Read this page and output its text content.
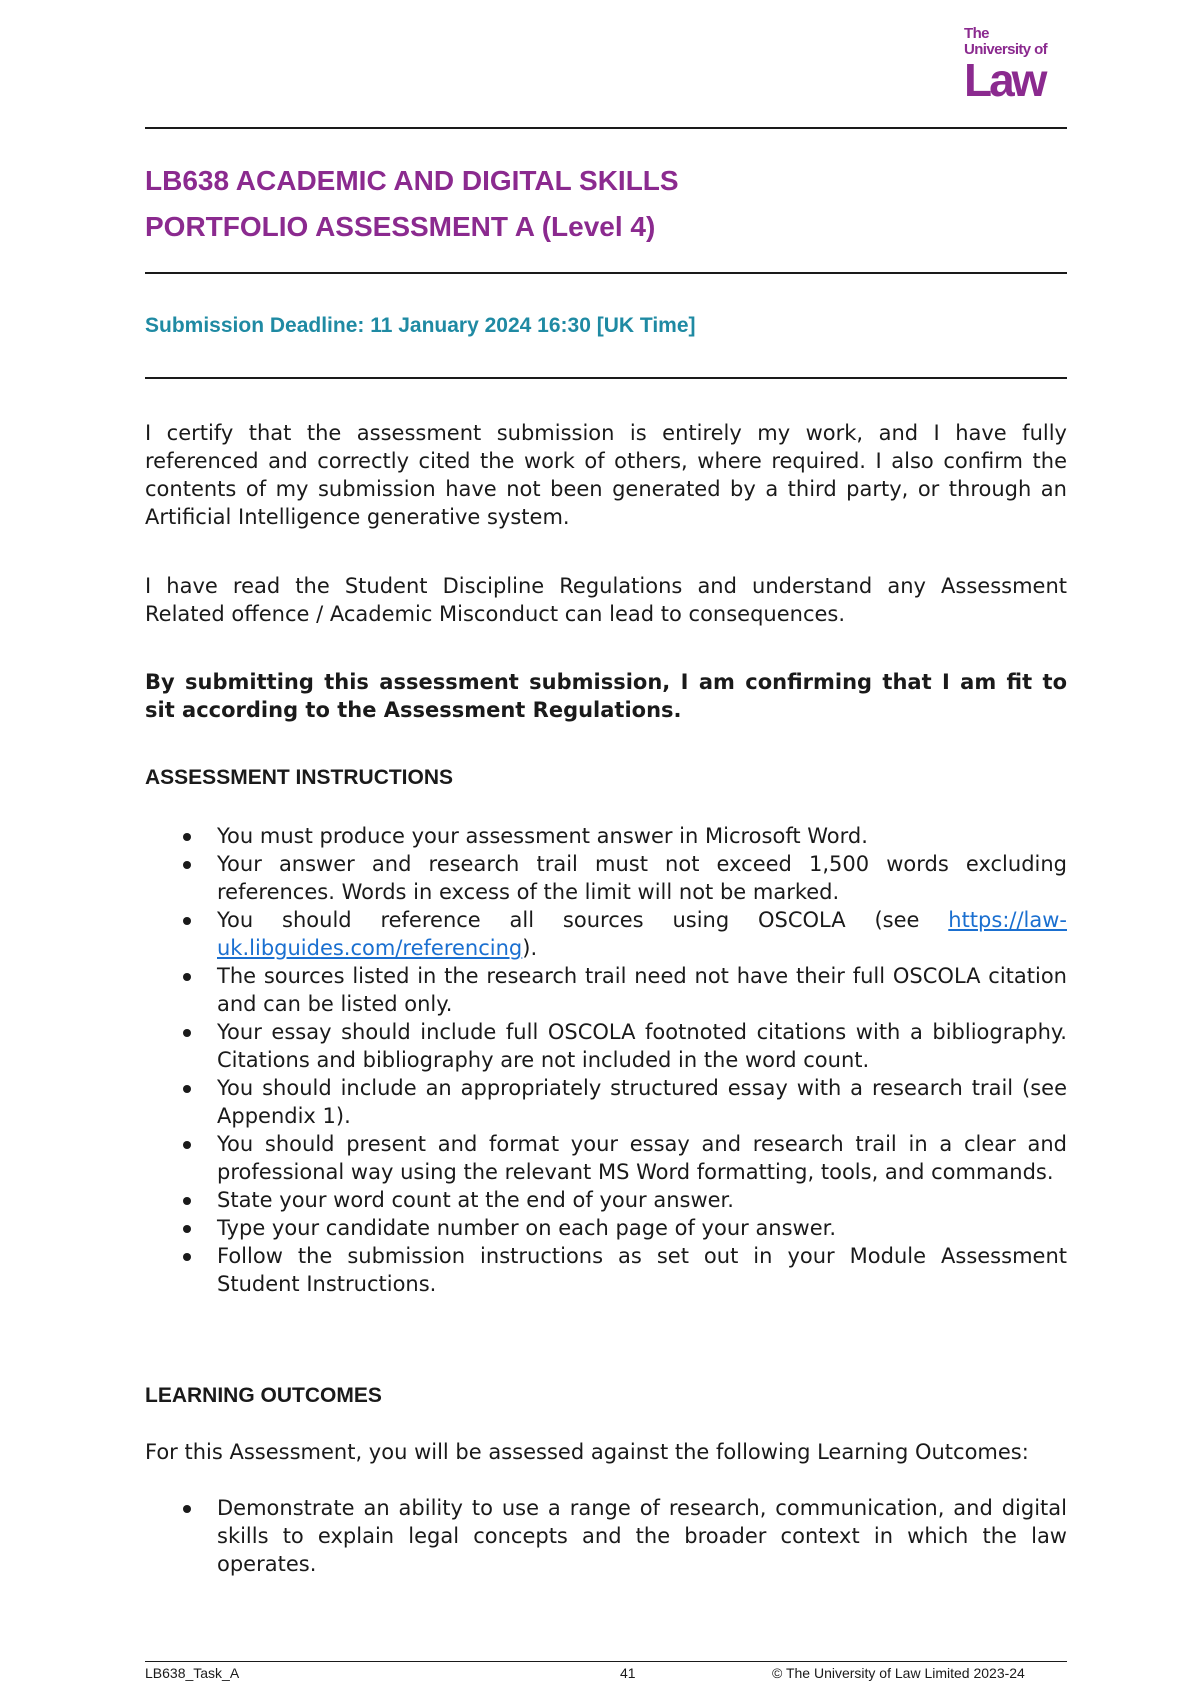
The
University of
Law
LB638 ACADEMIC AND DIGITAL SKILLS
PORTFOLIO ASSESSMENT A (Level 4)
Submission Deadline: 11 January 2024 16:30 [UK Time]
I certify that the assessment submission is entirely my work, and I have fully referenced and correctly cited the work of others, where required. I also confirm the contents of my submission have not been generated by a third party, or through an Artificial Intelligence generative system.
I have read the Student Discipline Regulations and understand any Assessment Related offence / Academic Misconduct can lead to consequences.
By submitting this assessment submission, I am confirming that I am fit to sit according to the Assessment Regulations.
ASSESSMENT INSTRUCTIONS
You must produce your assessment answer in Microsoft Word.
Your answer and research trail must not exceed 1,500 words excluding references. Words in excess of the limit will not be marked.
You should reference all sources using OSCOLA (see https://law-uk.libguides.com/referencing).
The sources listed in the research trail need not have their full OSCOLA citation and can be listed only.
Your essay should include full OSCOLA footnoted citations with a bibliography. Citations and bibliography are not included in the word count.
You should include an appropriately structured essay with a research trail (see Appendix 1).
You should present and format your essay and research trail in a clear and professional way using the relevant MS Word formatting, tools, and commands.
State your word count at the end of your answer.
Type your candidate number on each page of your answer.
Follow the submission instructions as set out in your Module Assessment Student Instructions.
LEARNING OUTCOMES
For this Assessment, you will be assessed against the following Learning Outcomes:
Demonstrate an ability to use a range of research, communication, and digital skills to explain legal concepts and the broader context in which the law operates.
LB638_Task_A	41	© The University of Law Limited 2023-24
